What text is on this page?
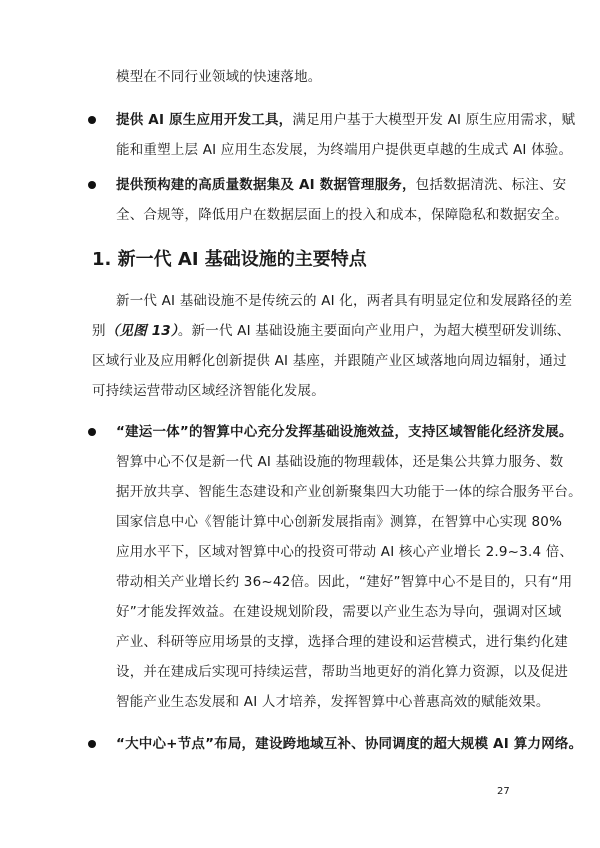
模型在不同行业领域的快速落地。
提供 AI 原生应用开发工具，满足用户基于大模型开发 AI 原生应用需求，赋
能和重塑上层 AI 应用生态发展，为终端用户提供更卓越的生成式 AI 体验。
提供预构建的高质量数据集及 AI 数据管理服务，包括数据清洗、标注、安
全、合规等，降低用户在数据层面上的投入和成本，保障隐私和数据安全。
1. 新一代 AI 基础设施的主要特点
新一代 AI 基础设施不是传统云的 AI 化，两者具有明显定位和发展路径的差
别（见图 13）。新一代 AI 基础设施主要面向产业用户，为超大模型研发训练、
区域行业及应用孵化创新提供 AI 基座，并跟随产业区域落地向周边辐射，通过
可持续运营带动区域经济智能化发展。
“建运一体”的智算中心充分发挥基础设施效益，支持区域智能化经济发展。
智算中心不仅是新一代 AI 基础设施的物理载体，还是集公共算力服务、数
据开放共享、智能生态建设和产业创新聚集四大功能于一体的综合服务平台。
国家信息中心《智能计算中心创新发展指南》测算，在智算中心实现 80%
应用水平下，区域对智算中心的投资可带动 AI 核心产业增长 2.9~3.4 倍、
带动相关产业增长约 36~42倍。因此，“建好”智算中心不是目的，只有“用
好”才能发挥效益。在建设规划阶段，需要以产业生态为导向，强调对区域
产业、科研等应用场景的支撑，选择合理的建设和运营模式，进行集约化建
设，并在建成后实现可持续运营，帮助当地更好的消化算力资源，以及促进
智能产业生态发展和 AI 人才培养，发挥智算中心普惠高效的赋能效果。
“大中心+节点”布局，建设跨地域互补、协同调度的超大规模 AI 算力网络。
27
